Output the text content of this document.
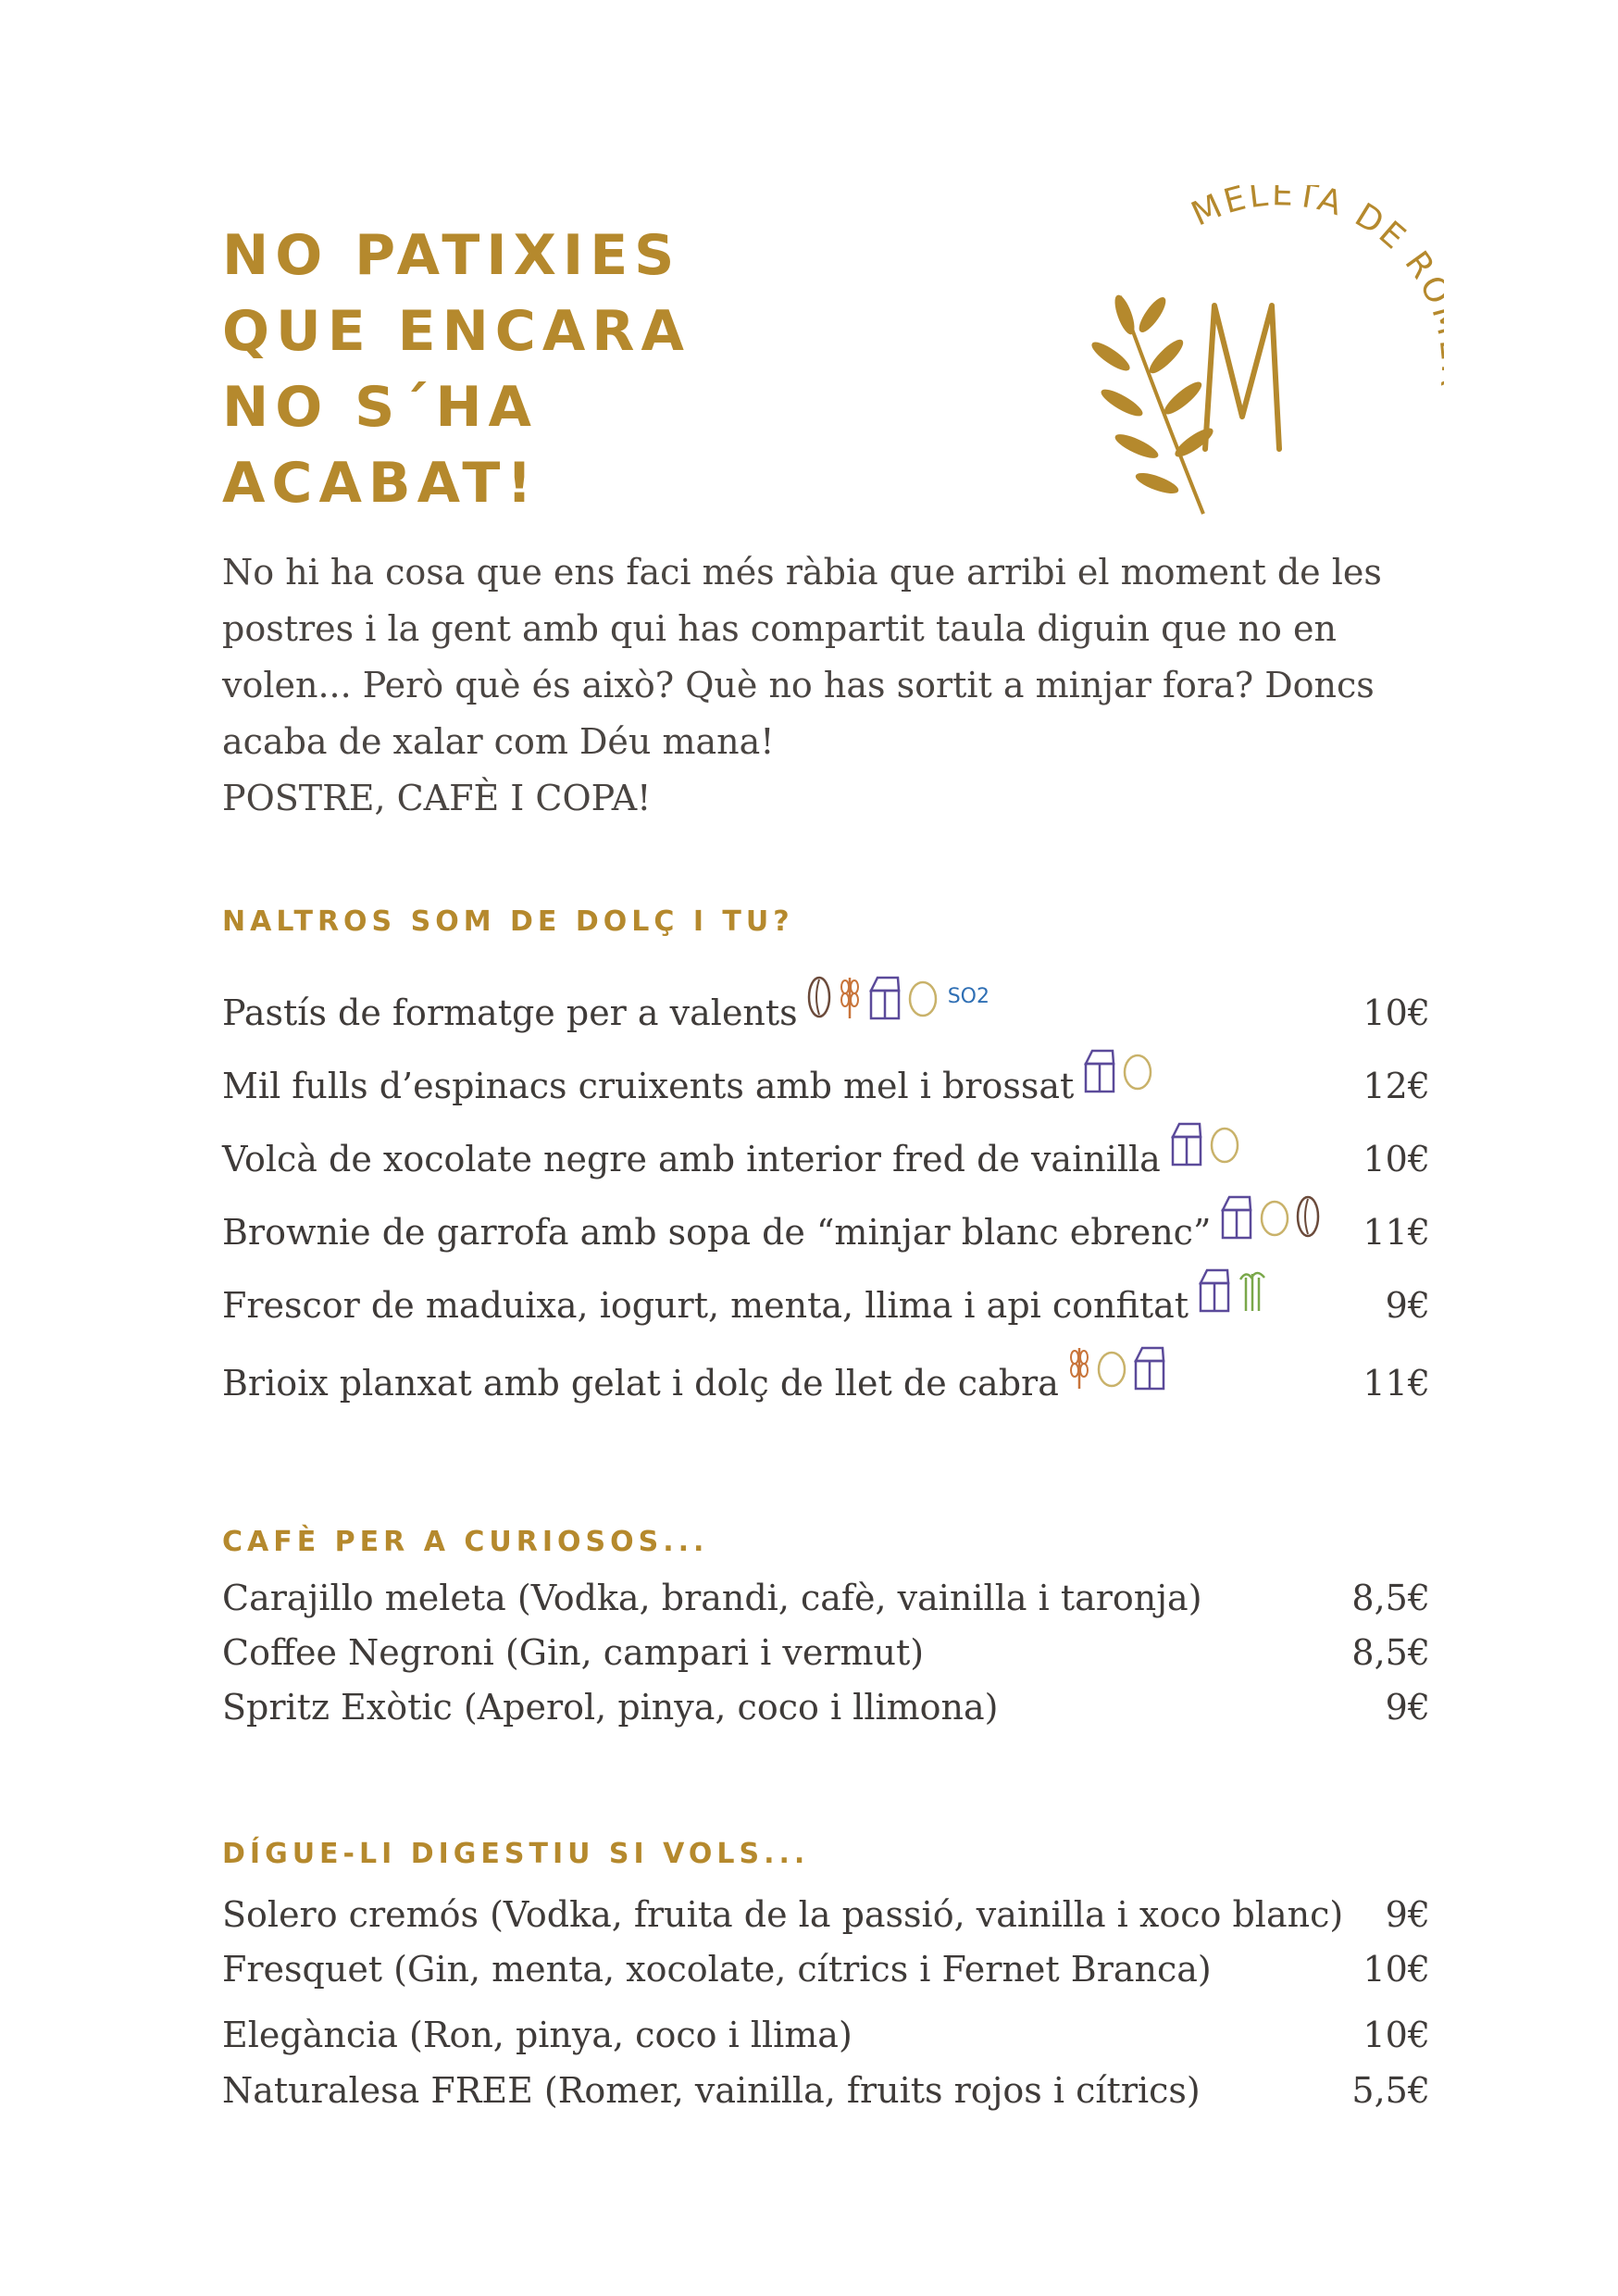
NO PATIXIES
QUE ENCARA
NO S´HA
ACABAT!
MELETA DE R
No hi ha cosa que ens faci més ràbia que arribi el moment de les
postres i la gent amb qui has compartit taula diguin que no en
volen... Però què és això? Què no has sortit a minjar fora? Doncs
acaba de xalar com Déu mana!
POSTRE, CAFÈ I COPA!
NALTROS SOM DE DOLÇ I TU?
Pastís de formatge per a valents	SO2	10€
Mil fulls d’espinacs cruixents amb mel i brossat	12€
Volcà de xocolate negre amb interior fred de vainilla	10€
Brownie de garrofa amb sopa de “minjar blanc ebrenc”	11€
Frescor de maduixa, iogurt, menta, llima i api confitat	9€
Brioix planxat amb gelat i dolç de llet de cabra	11€
CAFÈ PER A CURIOSOS...
Carajillo meleta (Vodka, brandi, cafè, vainilla i taronja)	8,5€
Coffee Negroni (Gin, campari i vermut)	8,5€
Spritz Exòtic (Aperol, pinya, coco i llimona)	9€
DÍGUE-LI DIGESTIU SI VOLS...
Solero cremós (Vodka, fruita de la passió, vainilla i xoco blanc) 9€
Fresquet (Gin, menta, xocolate, cítrics i Fernet Branca)	10€
Elegància (Ron, pinya, coco i llima)	10€
Naturalesa FREE (Romer, vainilla, fruits rojos i cítrics)	5,5€
